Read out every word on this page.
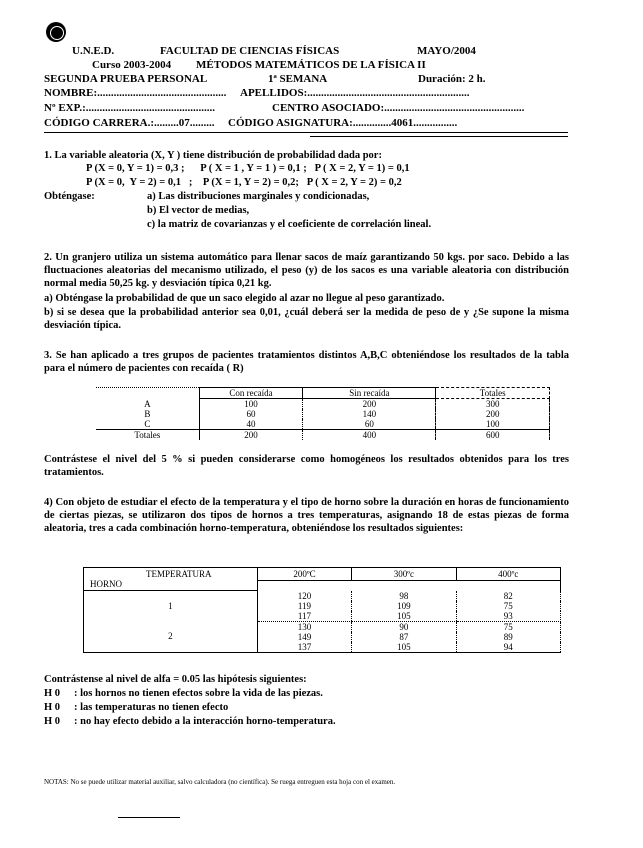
U.N.E.D.	FACULTAD DE CIENCIAS FÍSICAS	MAYO/2004
Curso 2003-2004 MÉTODOS MATEMÁTICOS DE LA FÍSICA II
SEGUNDA PRUEBA PERSONAL	1ª SEMANA	Duración: 2 h.
NOMBRE:............................................... APELLIDOS:...........................................................
Nº EXP.:...............................................	CENTRO ASOCIADO:...................................................
CÓDIGO CARRERA.:.........07......... CÓDIGO ASIGNATURA:..............4061................
1. La variable aleatoria (X, Y ) tiene distribución de probabilidad dada por:
P (X = 0, Y = 1) = 0,3 ;      P ( X = 1 , Y = 1 ) = 0,1 ;   P ( X = 2, Y = 1) = 0,1
P (X = 0,  Y = 2) = 0,1   ;    P (X = 1, Y = 2) = 0,2;   P ( X = 2, Y = 2) = 0,2
Obténgase:	a) Las distribuciones marginales y condicionadas,
b) El vector de medias,
c) la matriz de covarianzas y el coeficiente de correlación lineal.
2. Un granjero utiliza un sistema automático para llenar sacos de maíz garantizando 50 kgs. por saco. Debido a las fluctuaciones aleatorias del mecanismo utilizado, el peso (y) de los sacos es una variable aleatoria con distribución normal media 50,25 kg. y desviación típica 0,21 kg.
a) Obténgase la probabilidad de que un saco elegido al azar no llegue al peso garantizado.
b) si se desea que la probabilidad anterior sea 0,01, ¿cuál deberá ser la medida de peso de y ¿Se supone la misma desviación típica.
3. Se han aplicado a tres grupos de pacientes tratamientos distintos A,B,C obteniéndose los resultados de la tabla para el número de pacientes con recaída ( R)
	Con recaída	Sin recaída	Totales
A	100	200	300
B	60	140	200
C	40	60	100
Totales	200	400	600
Contrástese el nivel del 5 % si pueden considerarse como homogéneos los resultados obtenidos para los tres tratamientos.
4) Con objeto de estudiar el efecto de la temperatura y el tipo de horno sobre la duración en horas de funcionamiento de ciertas piezas, se utilizaron dos tipos de hornos a tres temperaturas, asignando 18 de estas piezas de forma aleatoria, tres a cada combinación horno-temperatura, obteniéndose los resultados siguientes:
TEMPERATURA
HORNO	200ºC	300ºc	400ºc

1	120	98	82
	119	109	75
	117	105	93
2	130	90	75
	149	87	89
	137	105	94
Contrástense al nivel de alfa = 0.05 las hipótesis siguientes:
H 0 : los hornos no tienen efectos sobre la vida de las piezas.
H 0 : las temperaturas no tienen efecto
H 0 : no hay efecto debido a la interacción horno-temperatura.
NOTAS: No se puede utilizar material auxiliar, salvo calculadora (no científica). Se ruega entreguen esta hoja con el examen.
